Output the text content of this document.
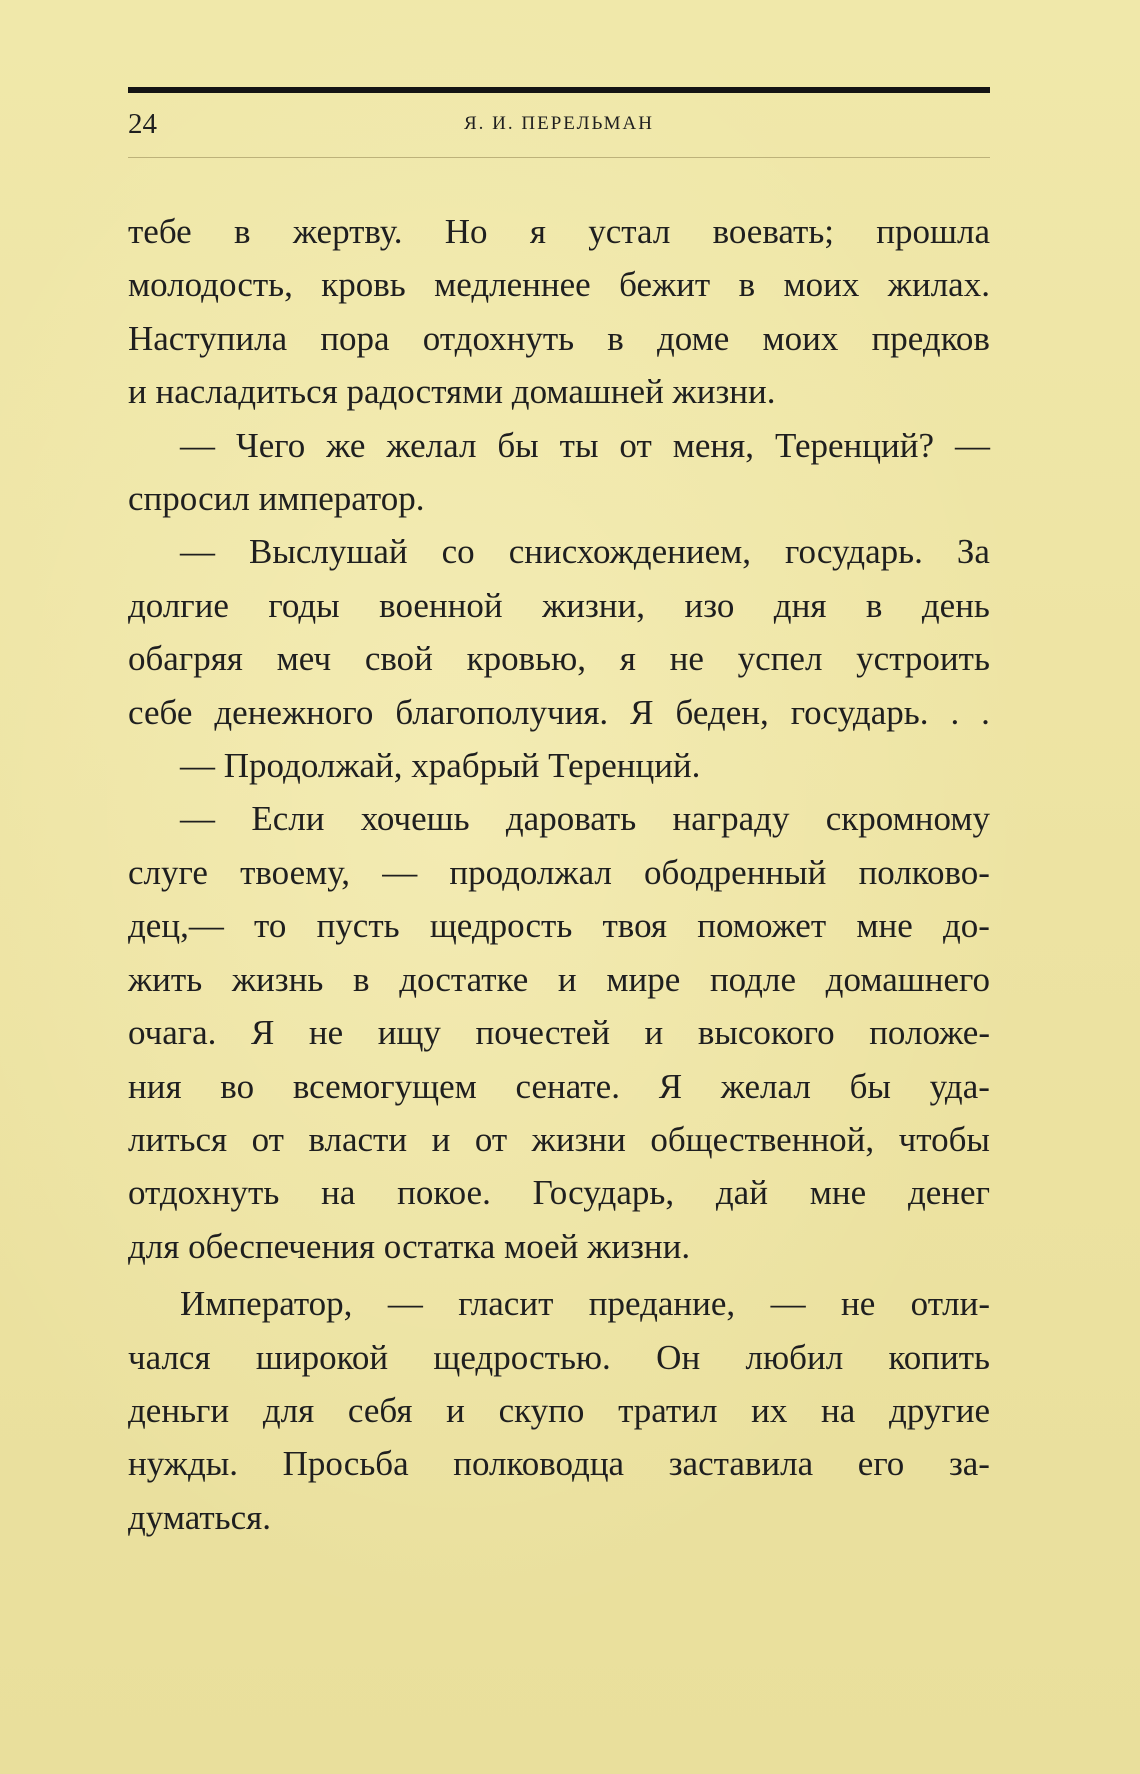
24	Я. И. ПЕРЕЛЬМАН
тебе в жертву. Но я устал воевать; прошла
молодость, кровь медленнее бежит в моих жилах.
Наступила пора отдохнуть в доме моих предков
и насладиться радостями домашней жизни.
— Чего же желал бы ты от меня, Теренций? —
спросил император.
— Выслушай со снисхождением, государь. За
долгие годы военной жизни, изо дня в день
обагряя меч свой кровью, я не успел устроить
себе денежного благополучия. Я беден, государь. . .
— Продолжай, храбрый Теренций.
— Если хочешь даровать награду скромному
слуге твоему, — продолжал ободренный полково-
дец,— то пусть щедрость твоя поможет мне до-
жить жизнь в достатке и мире подле домашнего
очага. Я не ищу почестей и высокого положе-
ния во всемогущем сенате. Я желал бы уда-
литься от власти и от жизни общественной, чтобы
отдохнуть на покое. Государь, дай мне денег
для обеспечения остатка моей жизни.
Император, — гласит предание, — не отли-
чался широкой щедростью. Он любил копить
деньги для себя и скупо тратил их на другие
нужды. Просьба полководца заставила его за-
думаться.
